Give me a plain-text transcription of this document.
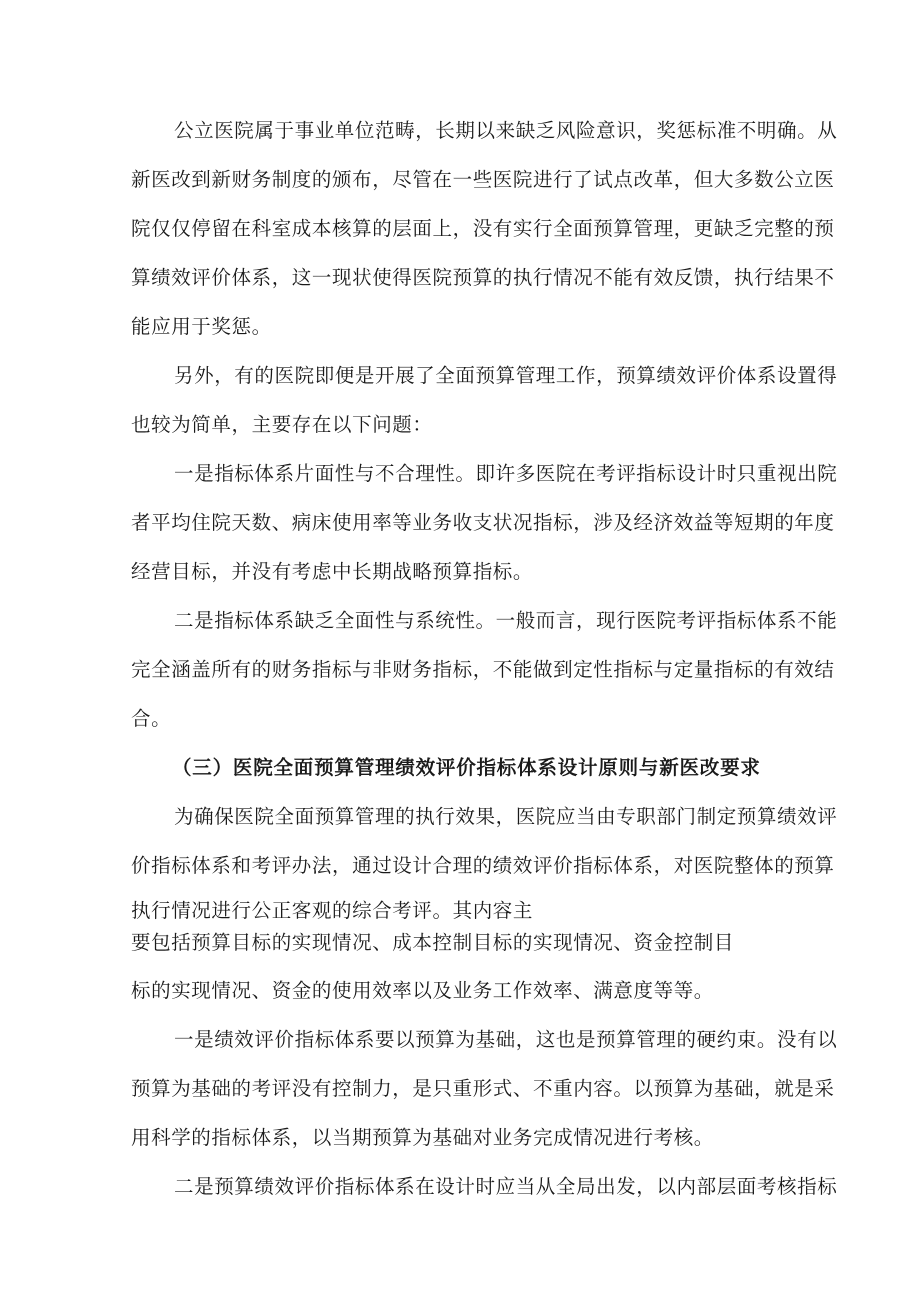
公立医院属于事业单位范畴，长期以来缺乏风险意识，奖惩标准不明确。从
新医改到新财务制度的颁布，尽管在一些医院进行了试点改革，但大多数公立医
院仅仅停留在科室成本核算的层面上，没有实行全面预算管理，更缺乏完整的预
算绩效评价体系，这一现状使得医院预算的执行情况不能有效反馈，执行结果不
能应用于奖惩。
另外，有的医院即便是开展了全面预算管理工作，预算绩效评价体系设置得
也较为简单，主要存在以下问题：
一是指标体系片面性与不合理性。即许多医院在考评指标设计时只重视出院
者平均住院天数、病床使用率等业务收支状况指标，涉及经济效益等短期的年度
经营目标，并没有考虑中长期战略预算指标。
二是指标体系缺乏全面性与系统性。一般而言，现行医院考评指标体系不能
完全涵盖所有的财务指标与非财务指标，不能做到定性指标与定量指标的有效结
合。
（三）医院全面预算管理绩效评价指标体系设计原则与新医改要求
为确保医院全面预算管理的执行效果，医院应当由专职部门制定预算绩效评
价指标体系和考评办法，通过设计合理的绩效评价指标体系，对医院整体的预算
执行情况进行公正客观的综合考评。其内容主
要包括预算目标的实现情况、成本控制目标的实现情况、资金控制目
标的实现情况、资金的使用效率以及业务工作效率、满意度等等。
一是绩效评价指标体系要以预算为基础，这也是预算管理的硬约束。没有以
预算为基础的考评没有控制力，是只重形式、不重内容。以预算为基础，就是采
用科学的指标体系，以当期预算为基础对业务完成情况进行考核。
二是预算绩效评价指标体系在设计时应当从全局出发，以内部层面考核指标
